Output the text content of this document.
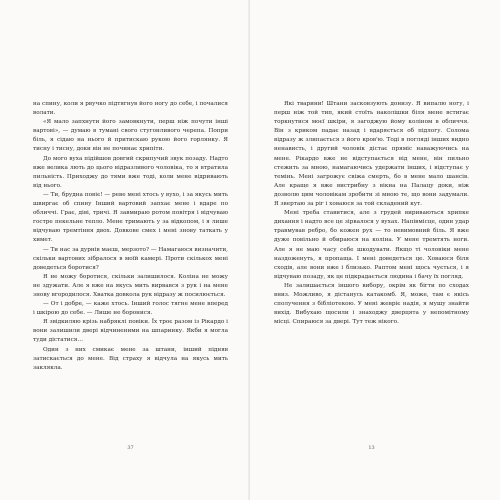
на спину, коли я рвучко підтягнув його ногу до себе, і почалися волати.

«Я мало запхнути його замовкнути, перш ніж почути інші вартові», — думаю в тумані свого стугонливого черепа. Попри біль, я сідаю на нього й притискаю рукою його горлянку. Я тисну і тисну, доки він не починає хрипіти.

До мого вуха підійшов довгий скрипучий звук позаду. Надто вже велика лють до цього відразливого чоловіка, то я втратила пильність. Приходжу до тями вже тоді, коли мене відривають від нього.

— Ти, брудна повіє! — реве мені хтось у вухо, і за якусь мить швиргає об спину Інший вартовий запхає мене і вдаре по обличчі. Грає, діві, тричі. Я завмираю ротом повітря і відчуваю гостре пекельне тепло. Мене тримають у за відкопом, і я лише відчуваю тремтіння двох. Довкове смех і мені знову таткать у химет.

— Ти нас за дурнів маєш, мерзото? — Намагаюся визначити, скільки вартових зібралося в моїй камері. Проти скількох мені доведеться боротися?

Я не можу боротися, скільки залишилося. Коліна не можу не здужати. Але я вже на якусь мить вирвався з рук і на мене знову вгородилося. Хватка довкола рук відразу ж посилюється.

— От і добре, — каже хтось. Інший голос тягне мене вперед і шкірою до себе. — Лише не боронися.

Я звідкиляю крізь набряклі повіки. Їх троє разом із Рікардо і вони залишили двері відчиненими на шпаринку. Якби я могла туди дістатися…

Один з них смикає мене за штани, інший підняв затискається до мене. Від страху я відчула на якусь мить заклякла.

37

Які тварини! Штани засковзують донизу. Я випалю ногу, і перш ніж той тип, який стоїть наколішки біля мене встигає торкнутися моєї шкіри, я загоджую йому коліном в обличчя. Він з криком падає назад і вдаряється об підлогу. Солома відразу ж злипається з його кров'ю. Тоді в погляді інших видно ненависть, і другий чоловік дістає пряміс наважуючись на мене. Рікардо вже не відступається від мене, він пильно стежить за мною, намагаючись удержати інших, і відступає у темінь. Мені загрожує свіжа смерть, бо в мене мало шансів. Але краще я вже вистрибну з вікна на Палацу доки, ніж дозволю цим чоловікам зробити зі мною те, що вони задумали. Я звертаю за ріг і ховаюся за той складений кут.

Мені треба ставитися, але з грудей вириваються хрипке дихання і надто все це зірвалося у вухах. Напівмісце, один удар травмував ребро, бо кожен рух — то невимовний біль. Я вже дуже повільно й обираюся на коліна. У мене тремтять ноги. Але я не маю часу себе шкодувати. Якщо ті чоловіки мене наздоженуть, я пропаща. І мені доведеться це. Ховаюся біля сходів, але вони вже і близько. Раптом мені щось чується, і я відчуваю позаду, як це підкрадається людина і бачу їх погляд.

Не залишається іншого вибору, окрім як бігти по сходах вниз. Можливо, я дістанусь катакомб. Я, може, там є якісь сполучення з бібліотекою. У мені жевріє надія, я мушу знайти вихід. Вибухаю щосили і знаходжу дверцята у непомітному місці. Спираюся за двері. Тут теж нікого.

13
